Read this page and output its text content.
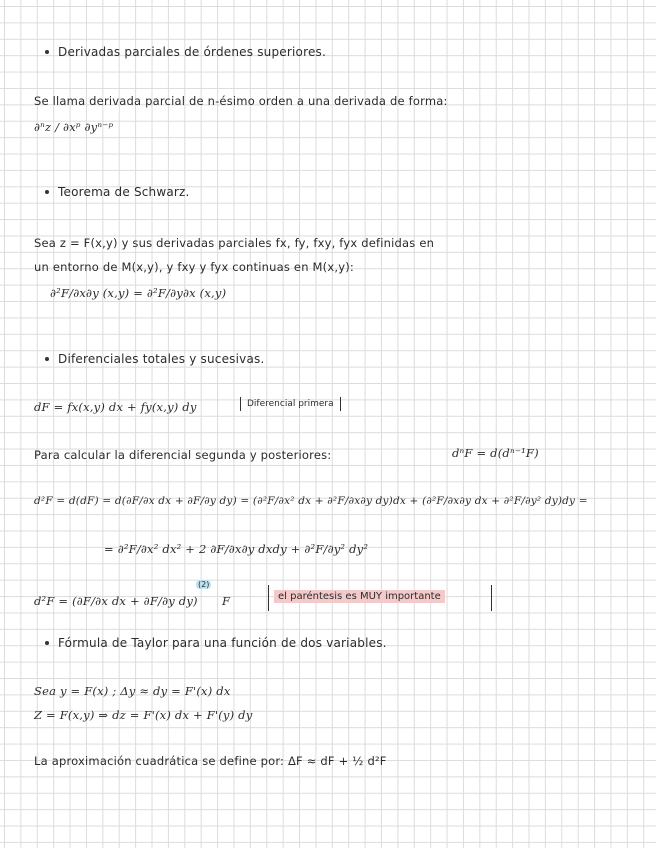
Derivadas parciales de órdenes superiores.
Se llama derivada parcial de n-ésimo orden a una derivada de forma:
∂ⁿz / ∂xᵖ ∂yⁿ⁻ᵖ
Teorema de Schwarz.
Sea z = F(x,y) y sus derivadas parciales fx, fy, fxy, fyx definidas en
un entorno de M(x,y), y fxy y fyx continuas en M(x,y):
∂²F/∂x∂y (x,y) = ∂²F/∂y∂x (x,y)
Diferenciales totales y sucesivas.
dF = fx(x,y) dx + fy(x,y) dy	Diferencial primera
Para calcular la diferencial segunda y posteriores:	dⁿF = d(dⁿ⁻¹F)
d²F = d(dF) = d(∂F/∂x dx + ∂F/∂y dy) = (∂²F/∂x² dx + ∂²F/∂x∂y dy)dx + (∂²F/∂x∂y dx + ∂²F/∂y² dy)dy =
= ∂²F/∂x² dx² + 2 ∂F/∂x∂y dxdy + ∂²F/∂y² dy²
d²F = (∂F/∂x dx + ∂F/∂y dy)
(2)
F	el paréntesis es MUY importante
Fórmula de Taylor para una función de dos variables.
Sea y = F(x) ; Δy ≈ dy = F'(x) dx
Z = F(x,y) ⇒ dz = F'(x) dx + F'(y) dy
La aproximación cuadrática se define por: ΔF ≈ dF + ½ d²F
